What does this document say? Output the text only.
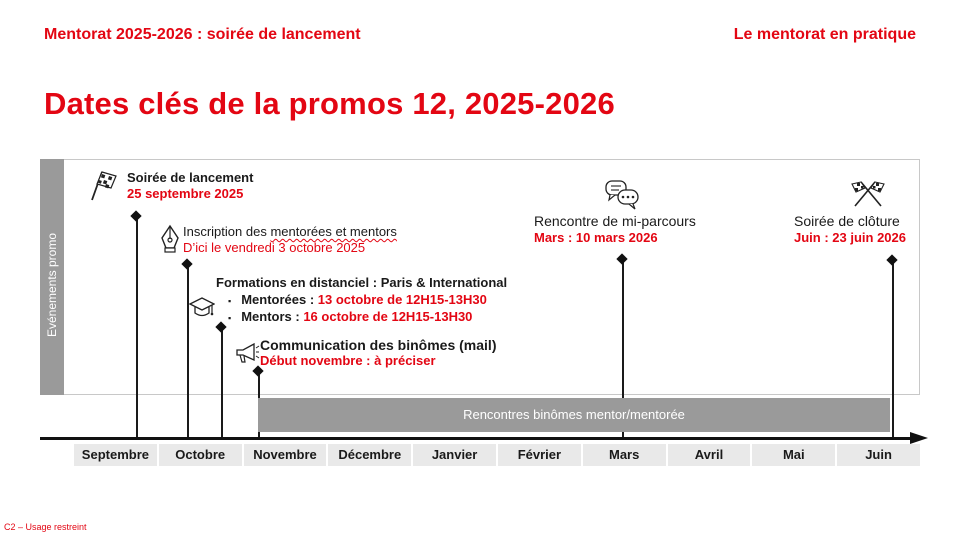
Mentorat 2025-2026 : soirée de lancement	Le mentorat en pratique
Dates clés de la promos 12, 2025-2026
Evénements promo
Rencontres binômes mentor/mentorée
Soirée de lancement
25 septembre 2025
Inscription des mentorées et mentors
D’ici le vendredi 3 octobre 2025
Formations en distanciel : Paris & International
▪ Mentorées : 13 octobre de 12H15-13H30
▪ Mentors : 16 octobre de 12H15-13H30
Communication des binômes (mail)
Début novembre : à préciser
Rencontre de mi-parcours
Mars : 10 mars 2026
Soirée de clôture
Juin : 23 juin 2026
Septembre	Octobre	Novembre	Décembre	Janvier	Février	Mars	Avril	Mai	Juin
C2 – Usage restreint
